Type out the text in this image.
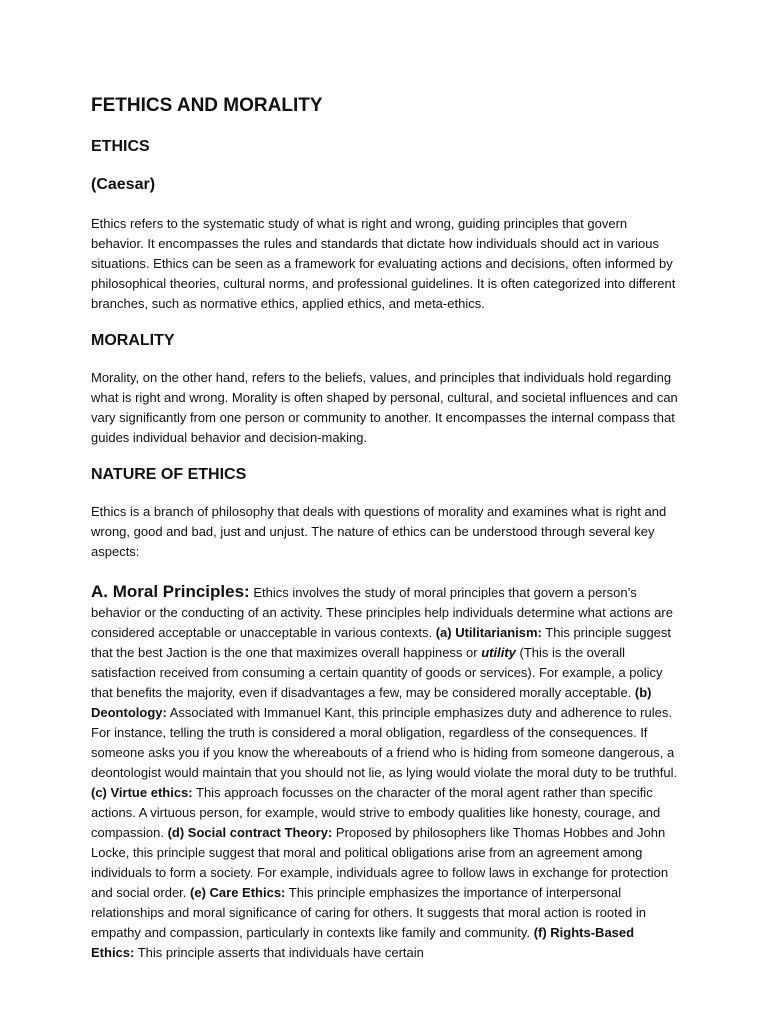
FETHICS AND MORALITY
ETHICS
(Caesar)

Ethics refers to the systematic study of what is right and wrong, guiding principles that govern behavior. It encompasses the rules and standards that dictate how individuals should act in various situations. Ethics can be seen as a framework for evaluating actions and decisions, often informed by philosophical theories, cultural norms, and professional guidelines. It is often categorized into different branches, such as normative ethics, applied ethics, and meta-ethics.

MORALITY

Morality, on the other hand, refers to the beliefs, values, and principles that individuals hold regarding what is right and wrong. Morality is often shaped by personal, cultural, and societal influences and can vary significantly from one person or community to another. It encompasses the internal compass that guides individual behavior and decision-making.

NATURE OF ETHICS

Ethics is a branch of philosophy that deals with questions of morality and examines what is right and wrong, good and bad, just and unjust. The nature of ethics can be understood through several key aspects:

A. Moral Principles: Ethics involves the study of moral principles that govern a person’s behavior or the conducting of an activity. These principles help individuals determine what actions are considered acceptable or unacceptable in various contexts. (a) Utilitarianism: This principle suggest that the best Jaction is the one that maximizes overall happiness or utility (This is the overall satisfaction received from consuming a certain quantity of goods or services). For example, a policy that benefits the majority, even if disadvantages a few, may be considered morally acceptable. (b) Deontology: Associated with Immanuel Kant, this principle emphasizes duty and adherence to rules. For instance, telling the truth is considered a moral obligation, regardless of the consequences. If someone asks you if you know the whereabouts of a friend who is hiding from someone dangerous, a deontologist would maintain that you should not lie, as lying would violate the moral duty to be truthful. (c) Virtue ethics: This approach focusses on the character of the moral agent rather than specific actions. A virtuous person, for example, would strive to embody qualities like honesty, courage, and compassion. (d) Social contract Theory: Proposed by philosophers like Thomas Hobbes and John Locke, this principle suggest that moral and political obligations arise from an agreement among individuals to form a society. For example, individuals agree to follow laws in exchange for protection and social order. (e) Care Ethics: This principle emphasizes the importance of interpersonal relationships and moral significance of caring for others. It suggests that moral action is rooted in empathy and compassion, particularly in contexts like family and community. (f) Rights-Based Ethics: This principle asserts that individuals have certain
